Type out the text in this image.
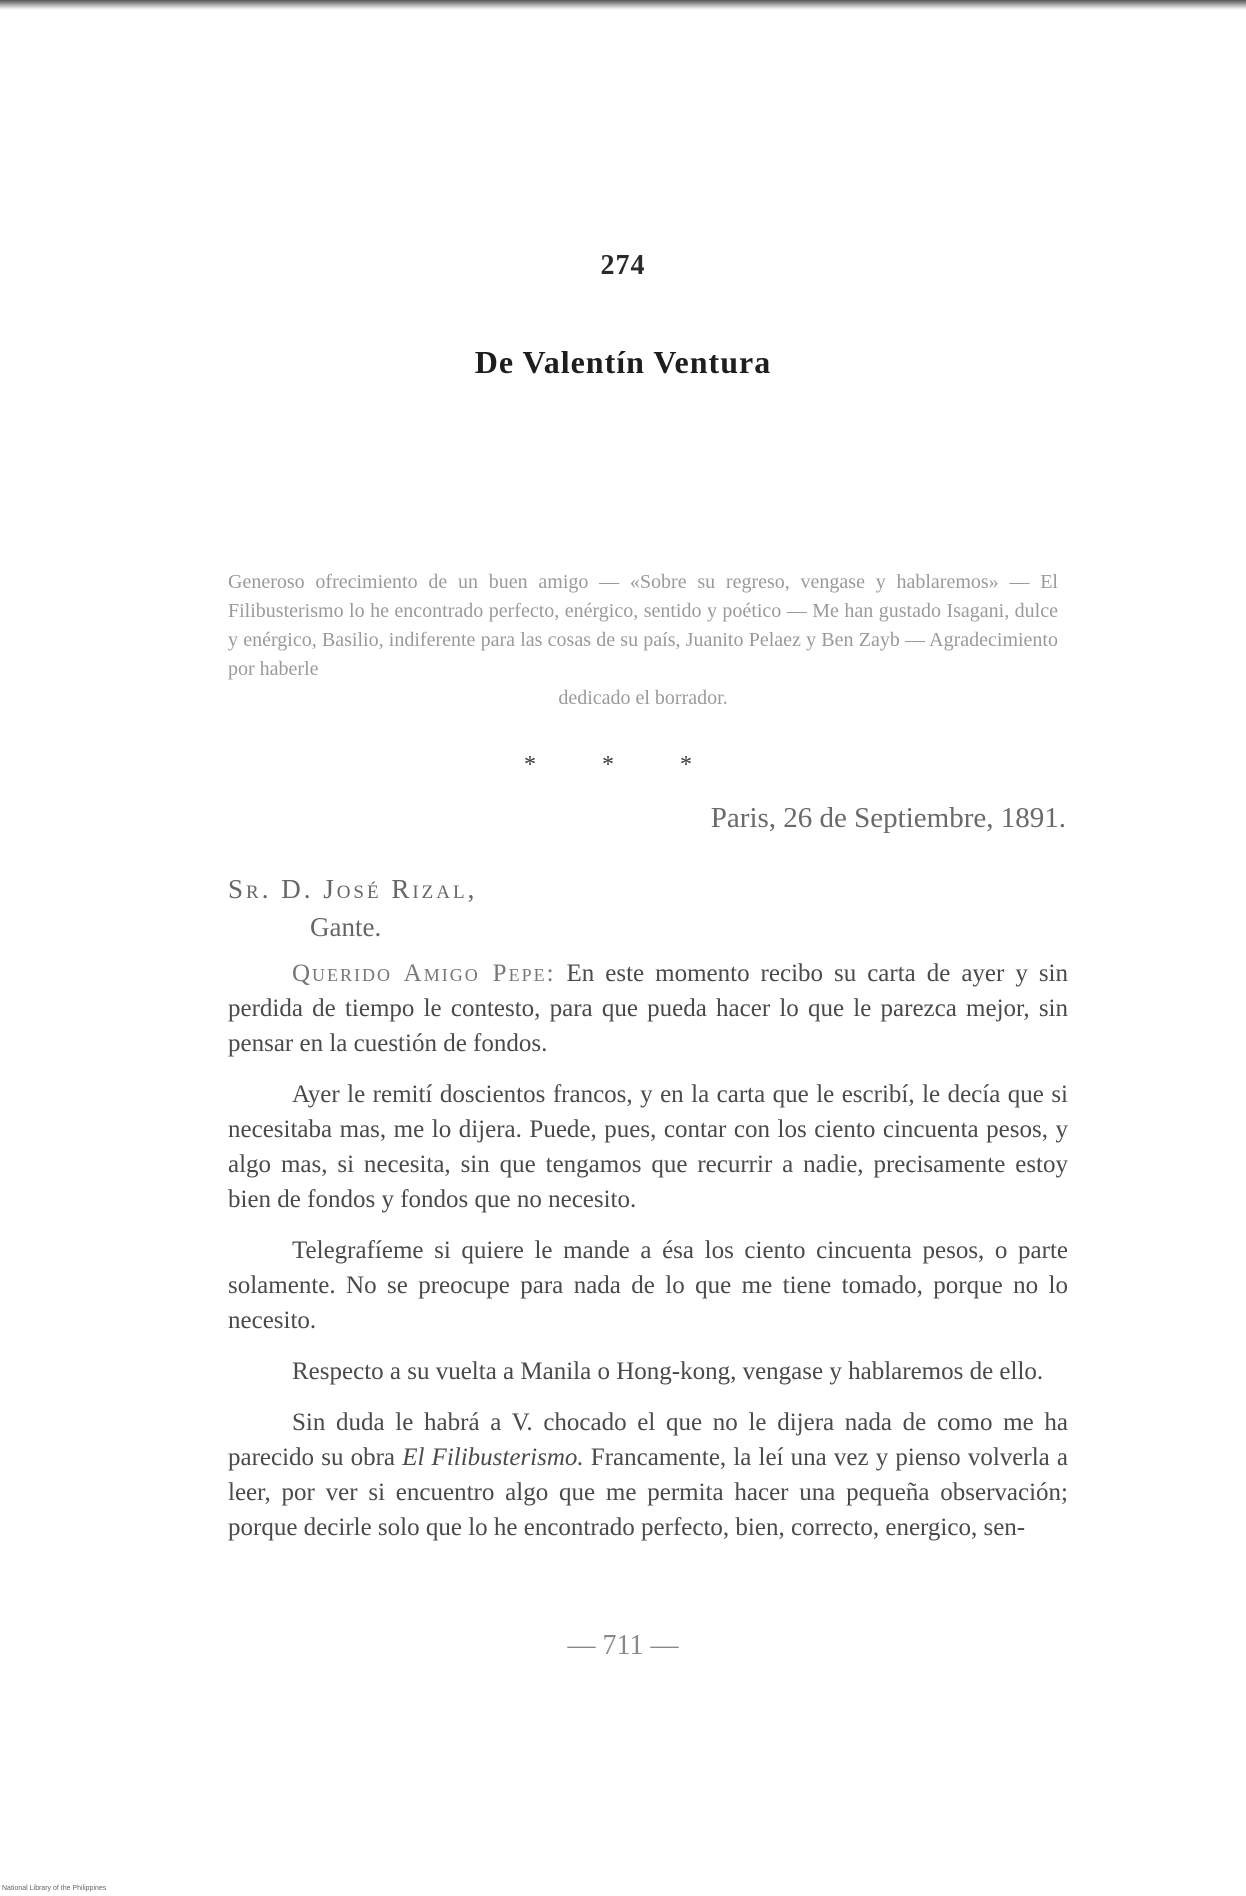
274
De Valentín Ventura
Generoso ofrecimiento de un buen amigo — «Sobre su regreso, vengase y hablaremos» — El Filibusterismo lo he encontrado perfecto, enérgico, sentido y poético — Me han gustado Isagani, dulce y enérgico, Basilio, indiferente para las cosas de su país, Juanito Pelaez y Ben Zayb — Agradecimiento por haberle
dedicado el borrador.
* * *
Paris, 26 de Septiembre, 1891.
Sr. D. José Rizal,
Gante.

Querido Amigo Pepe: En este momento recibo su carta de ayer y sin perdida de tiempo le contesto, para que pueda hacer lo que le parezca mejor, sin pensar en la cuestión de fondos.

Ayer le remití doscientos francos, y en la carta que le escribí, le decía que si necesitaba mas, me lo dijera. Puede, pues, contar con los ciento cincuenta pesos, y algo mas, si necesita, sin que tengamos que recurrir a nadie, precisamente estoy bien de fondos y fondos que no necesito.

Telegrafíeme si quiere le mande a ésa los ciento cincuenta pesos, o parte solamente. No se preocupe para nada de lo que me tiene tomado, porque no lo necesito.

Respecto a su vuelta a Manila o Hong-kong, vengase y hablaremos de ello.

Sin duda le habrá a V. chocado el que no le dijera nada de como me ha parecido su obra El Filibusterismo. Francamente, la leí una vez y pienso volverla a leer, por ver si encuentro algo que me permita hacer una pequeña observación; porque decirle solo que lo he encontrado perfecto, bien, correcto, energico, sen-

— 711 —
National Library of the Philippines
